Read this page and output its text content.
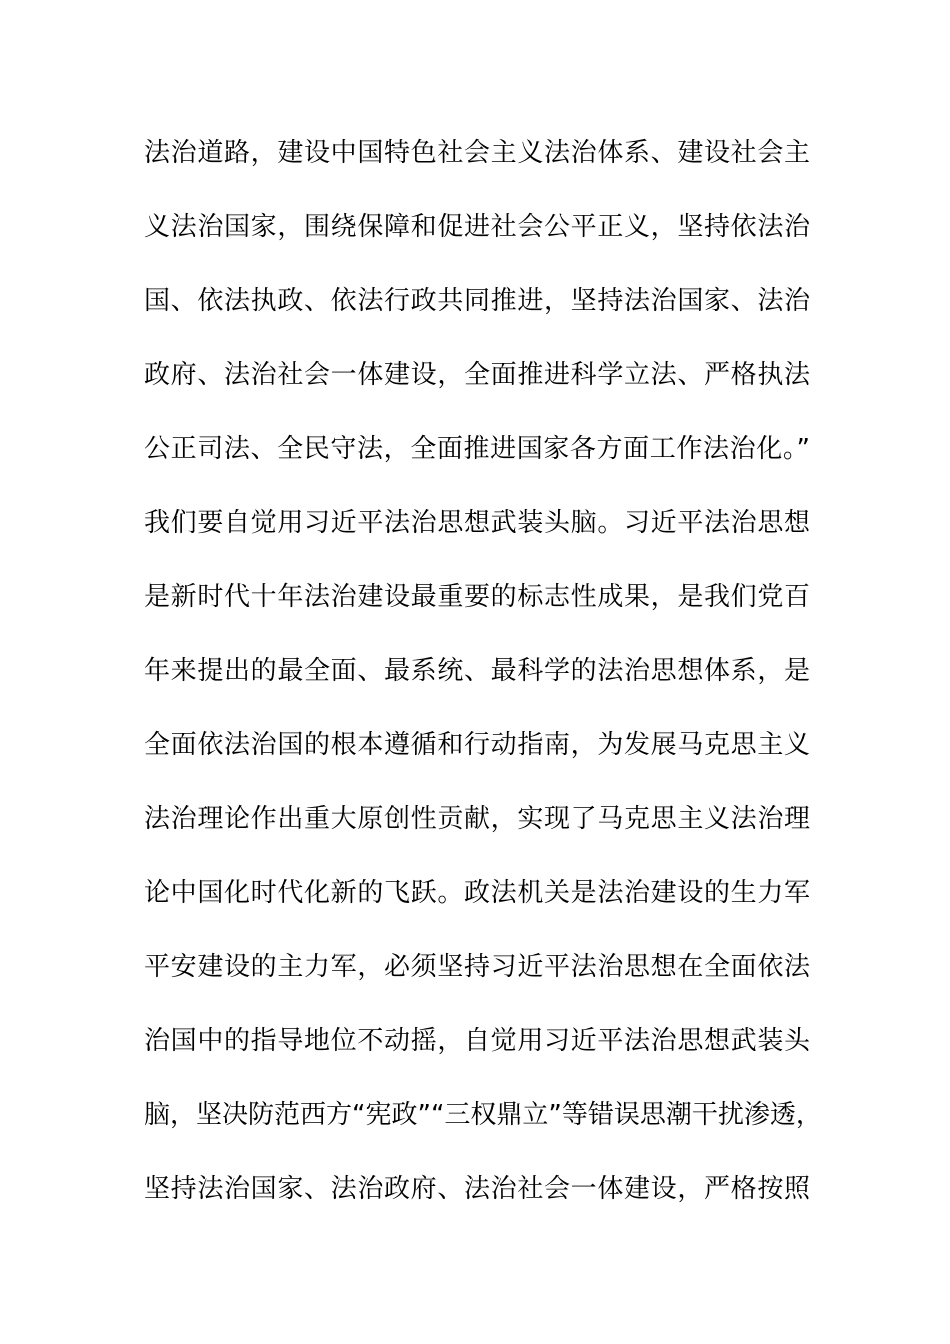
法治道路，建设中国特色社会主义法治体系、建设社会主
义法治国家，围绕保障和促进社会公平正义，坚持依法治
国、依法执政、依法行政共同推进，坚持法治国家、法治
政府、法治社会一体建设，全面推进科学立法、严格执法
公正司法、全民守法，全面推进国家各方面工作法治化。”
我们要自觉用习近平法治思想武装头脑。习近平法治思想
是新时代十年法治建设最重要的标志性成果，是我们党百
年来提出的最全面、最系统、最科学的法治思想体系，是
全面依法治国的根本遵循和行动指南，为发展马克思主义
法治理论作出重大原创性贡献，实现了马克思主义法治理
论中国化时代化新的飞跃。政法机关是法治建设的生力军
平安建设的主力军，必须坚持习近平法治思想在全面依法
治国中的指导地位不动摇，自觉用习近平法治思想武装头
脑，坚决防范西方“宪政”“三权鼎立”等错误思潮干扰渗透，
坚持法治国家、法治政府、法治社会一体建设，严格按照
